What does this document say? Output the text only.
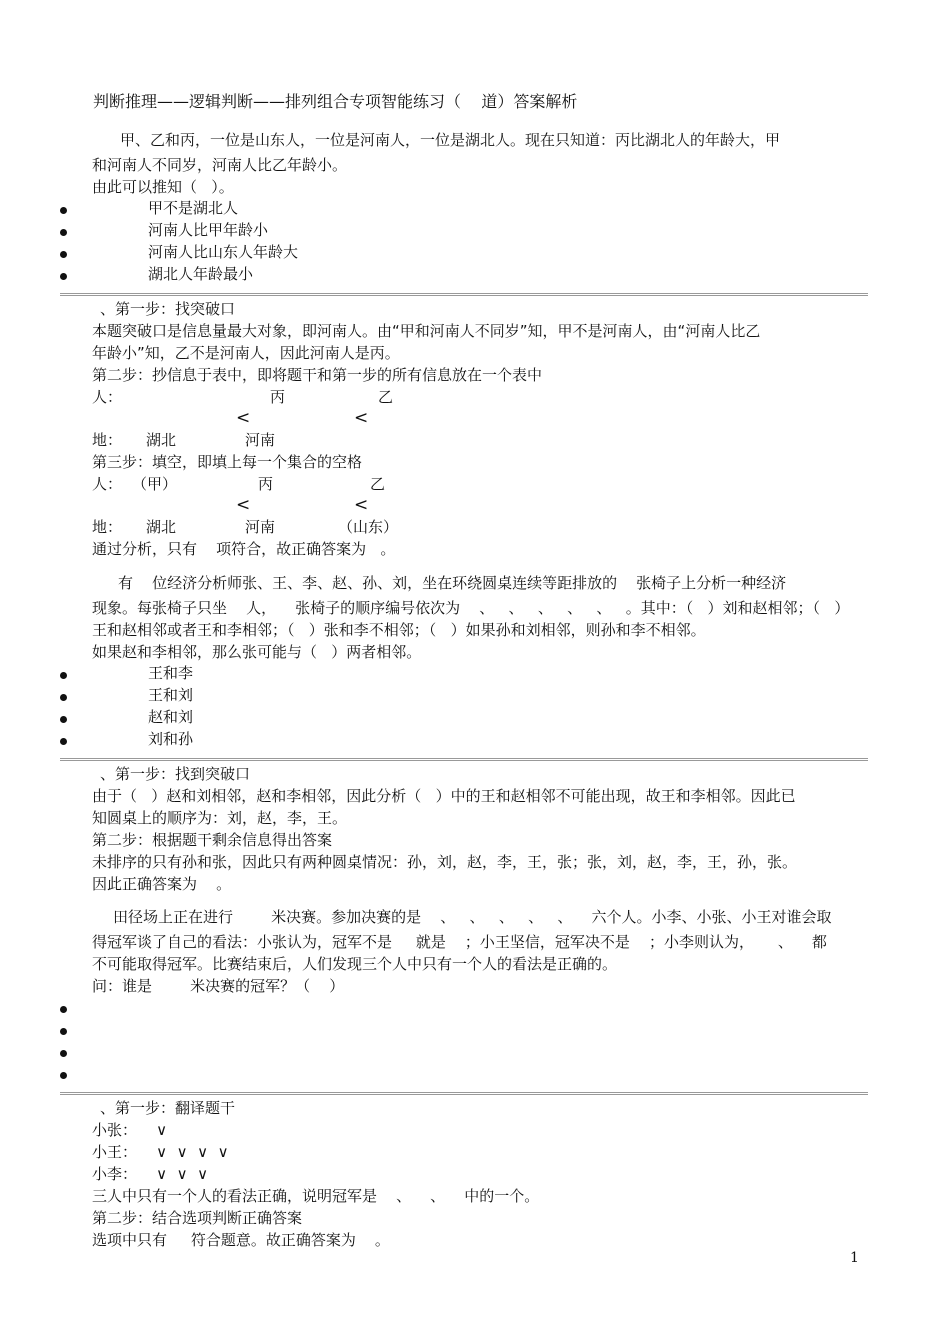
判断推理——逻辑判断——排列组合专项智能练习（    道）答案解析
甲、乙和丙，一位是山东人，一位是河南人，一位是湖北人。现在只知道：丙比湖北人的年龄大，甲
和河南人不同岁，河南人比乙年龄小。
由此可以推知（   ）。
甲不是湖北人
河南人比甲年龄小
河南人比山东人年龄大
湖北人年龄最小
、第一步：找突破口
本题突破口是信息量最大对象，即河南人。由“甲和河南人不同岁”知，甲不是河南人，由“河南人比乙
年龄小”知，乙不是河南人，因此河南人是丙。
第二步：抄信息于表中，即将题干和第一步的所有信息放在一个表中
人：	丙	乙
<	<
地： 湖北	河南
第三步：填空，即填上每一个集合的空格
人： （甲）	丙	乙
<	<
地： 湖北	河南	（山东）
通过分析，只有    项符合，故正确答案为   。
有    位经济分析师张、王、李、赵、孙、刘，坐在环绕圆桌连续等距排放的    张椅子上分析一种经济
现象。每张椅子只坐    人，    张椅子的顺序编号依次为    、   、   、   、   、   。其中：（   ）刘和赵相邻；（   ）
王和赵相邻或者王和李相邻；（   ）张和李不相邻；（   ）如果孙和刘相邻，则孙和李不相邻。
如果赵和李相邻，那么张可能与（   ）两者相邻。
王和李
王和刘
赵和刘
刘和孙
、第一步：找到突破口
由于（   ）赵和刘相邻，赵和李相邻，因此分析（   ）中的王和赵相邻不可能出现，故王和李相邻。因此已
知圆桌上的顺序为：刘，赵，李，王。
第二步：根据题干剩余信息得出答案
未排序的只有孙和张，因此只有两种圆桌情况：孙，刘，赵，李，王，张；张，刘，赵，李，王，孙，张。
因此正确答案为    。
田径场上正在进行        米决赛。参加决赛的是    、   、   、   、   、    六个人。小李、小张、小王对谁会取
得冠军谈了自己的看法：小张认为，冠军不是     就是    ；小王坚信，冠军决不是    ；小李则认为，     、    都
不可能取得冠军。比赛结束后，人们发现三个人中只有一个人的看法是正确的。
问：谁是        米决赛的冠军？（    ）
、第一步：翻译题干
小张：    ∨
小王：    ∨  ∨  ∨  ∨
小李：    ∨  ∨  ∨
三人中只有一个人的看法正确，说明冠军是    、    、    中的一个。
第二步：结合选项判断正确答案
选项中只有     符合题意。故正确答案为    。
1
